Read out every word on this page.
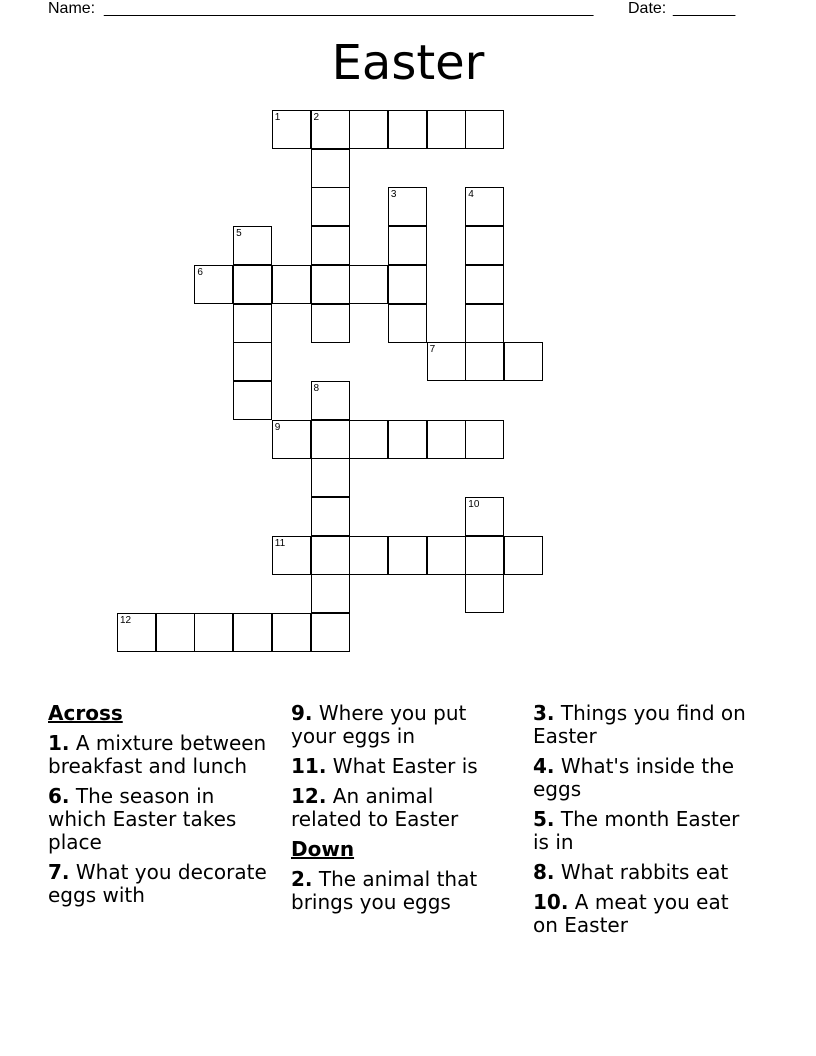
Name: _______________________________________________________ Date: _______
Easter
1	2
3	4
5
6
7
8
9
10
11
12
Across
1. A mixture between breakfast and lunch
6. The season in which Easter takes place
7. What you decorate eggs with
9. Where you put your eggs in
11. What Easter is
12. An animal related to Easter
Down
2. The animal that brings you eggs
3. Things you find on Easter
4. What's inside the eggs
5. The month Easter is in
8. What rabbits eat
10. A meat you eat on Easter
